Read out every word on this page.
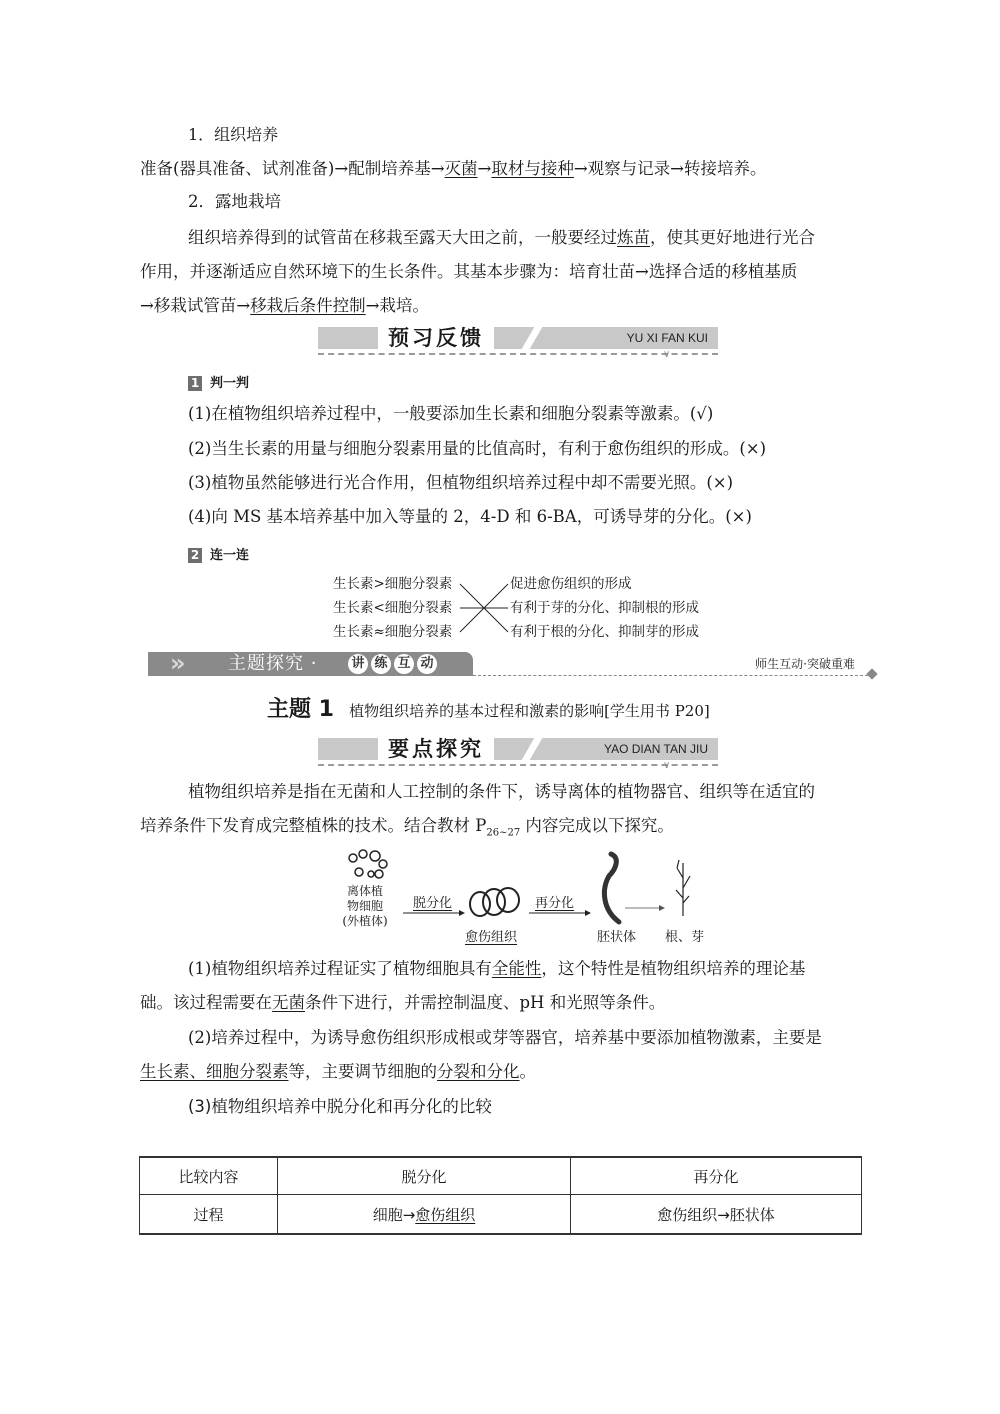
1．组织培养
准备(器具准备、试剂准备)→配制培养基→灭菌→取材与接种→观察与记录→转接培养。
2．露地栽培
组织培养得到的试管苗在移栽至露天大田之前，一般要经过炼苗，使其更好地进行光合
作用，并逐渐适应自然环境下的生长条件。其基本步骤为：培育壮苗→选择合适的移植基质
→移栽试管苗→移栽后条件控制→栽培。
预习反馈	YU XI FAN KUI
∨
1 判一判
(1)在植物组织培养过程中，一般要添加生长素和细胞分裂素等激素。(√)
(2)当生长素的用量与细胞分裂素用量的比值高时，有利于愈伤组织的形成。(×)
(3)植物虽然能够进行光合作用，但植物组织培养过程中却不需要光照。(×)
(4)向 MS 基本培养基中加入等量的 2，4-D 和 6-BA，可诱导芽的分化。(×)
2 连一连
生长素>细胞分裂素
生长素<细胞分裂素
生长素≈细胞分裂素
促进愈伤组织的形成
有利于芽的分化、抑制根的形成
有利于根的分化、抑制芽的形成
» 主题探究 ·	讲 练 互 动	师生互动·突破重难
主题 1 植物组织培养的基本过程和激素的影响[学生用书 P20]
要点探究	YAO DIAN TAN JIU
∨
植物组织培养是指在无菌和人工控制的条件下，诱导离体的植物器官、组织等在适宜的
培养条件下发育成完整植株的技术。结合教材 $P_{26\sim 27}$ 内容完成以下探究。
离体植
物细胞
(外植体)
脱分化
愈伤组织
再分化
胚状体 根、芽
(1)植物组织培养过程证实了植物细胞具有全能性，这个特性是植物组织培养的理论基
础。该过程需要在无菌条件下进行，并需控制温度、pH 和光照等条件。
(2)培养过程中，为诱导愈伤组织形成根或芽等器官，培养基中要添加植物激素，主要是
生长素、细胞分裂素等，主要调节细胞的分裂和分化。
(3)植物组织培养中脱分化和再分化的比较
比较内容	脱分化	再分化
过程	细胞→愈伤组织	愈伤组织→胚状体
